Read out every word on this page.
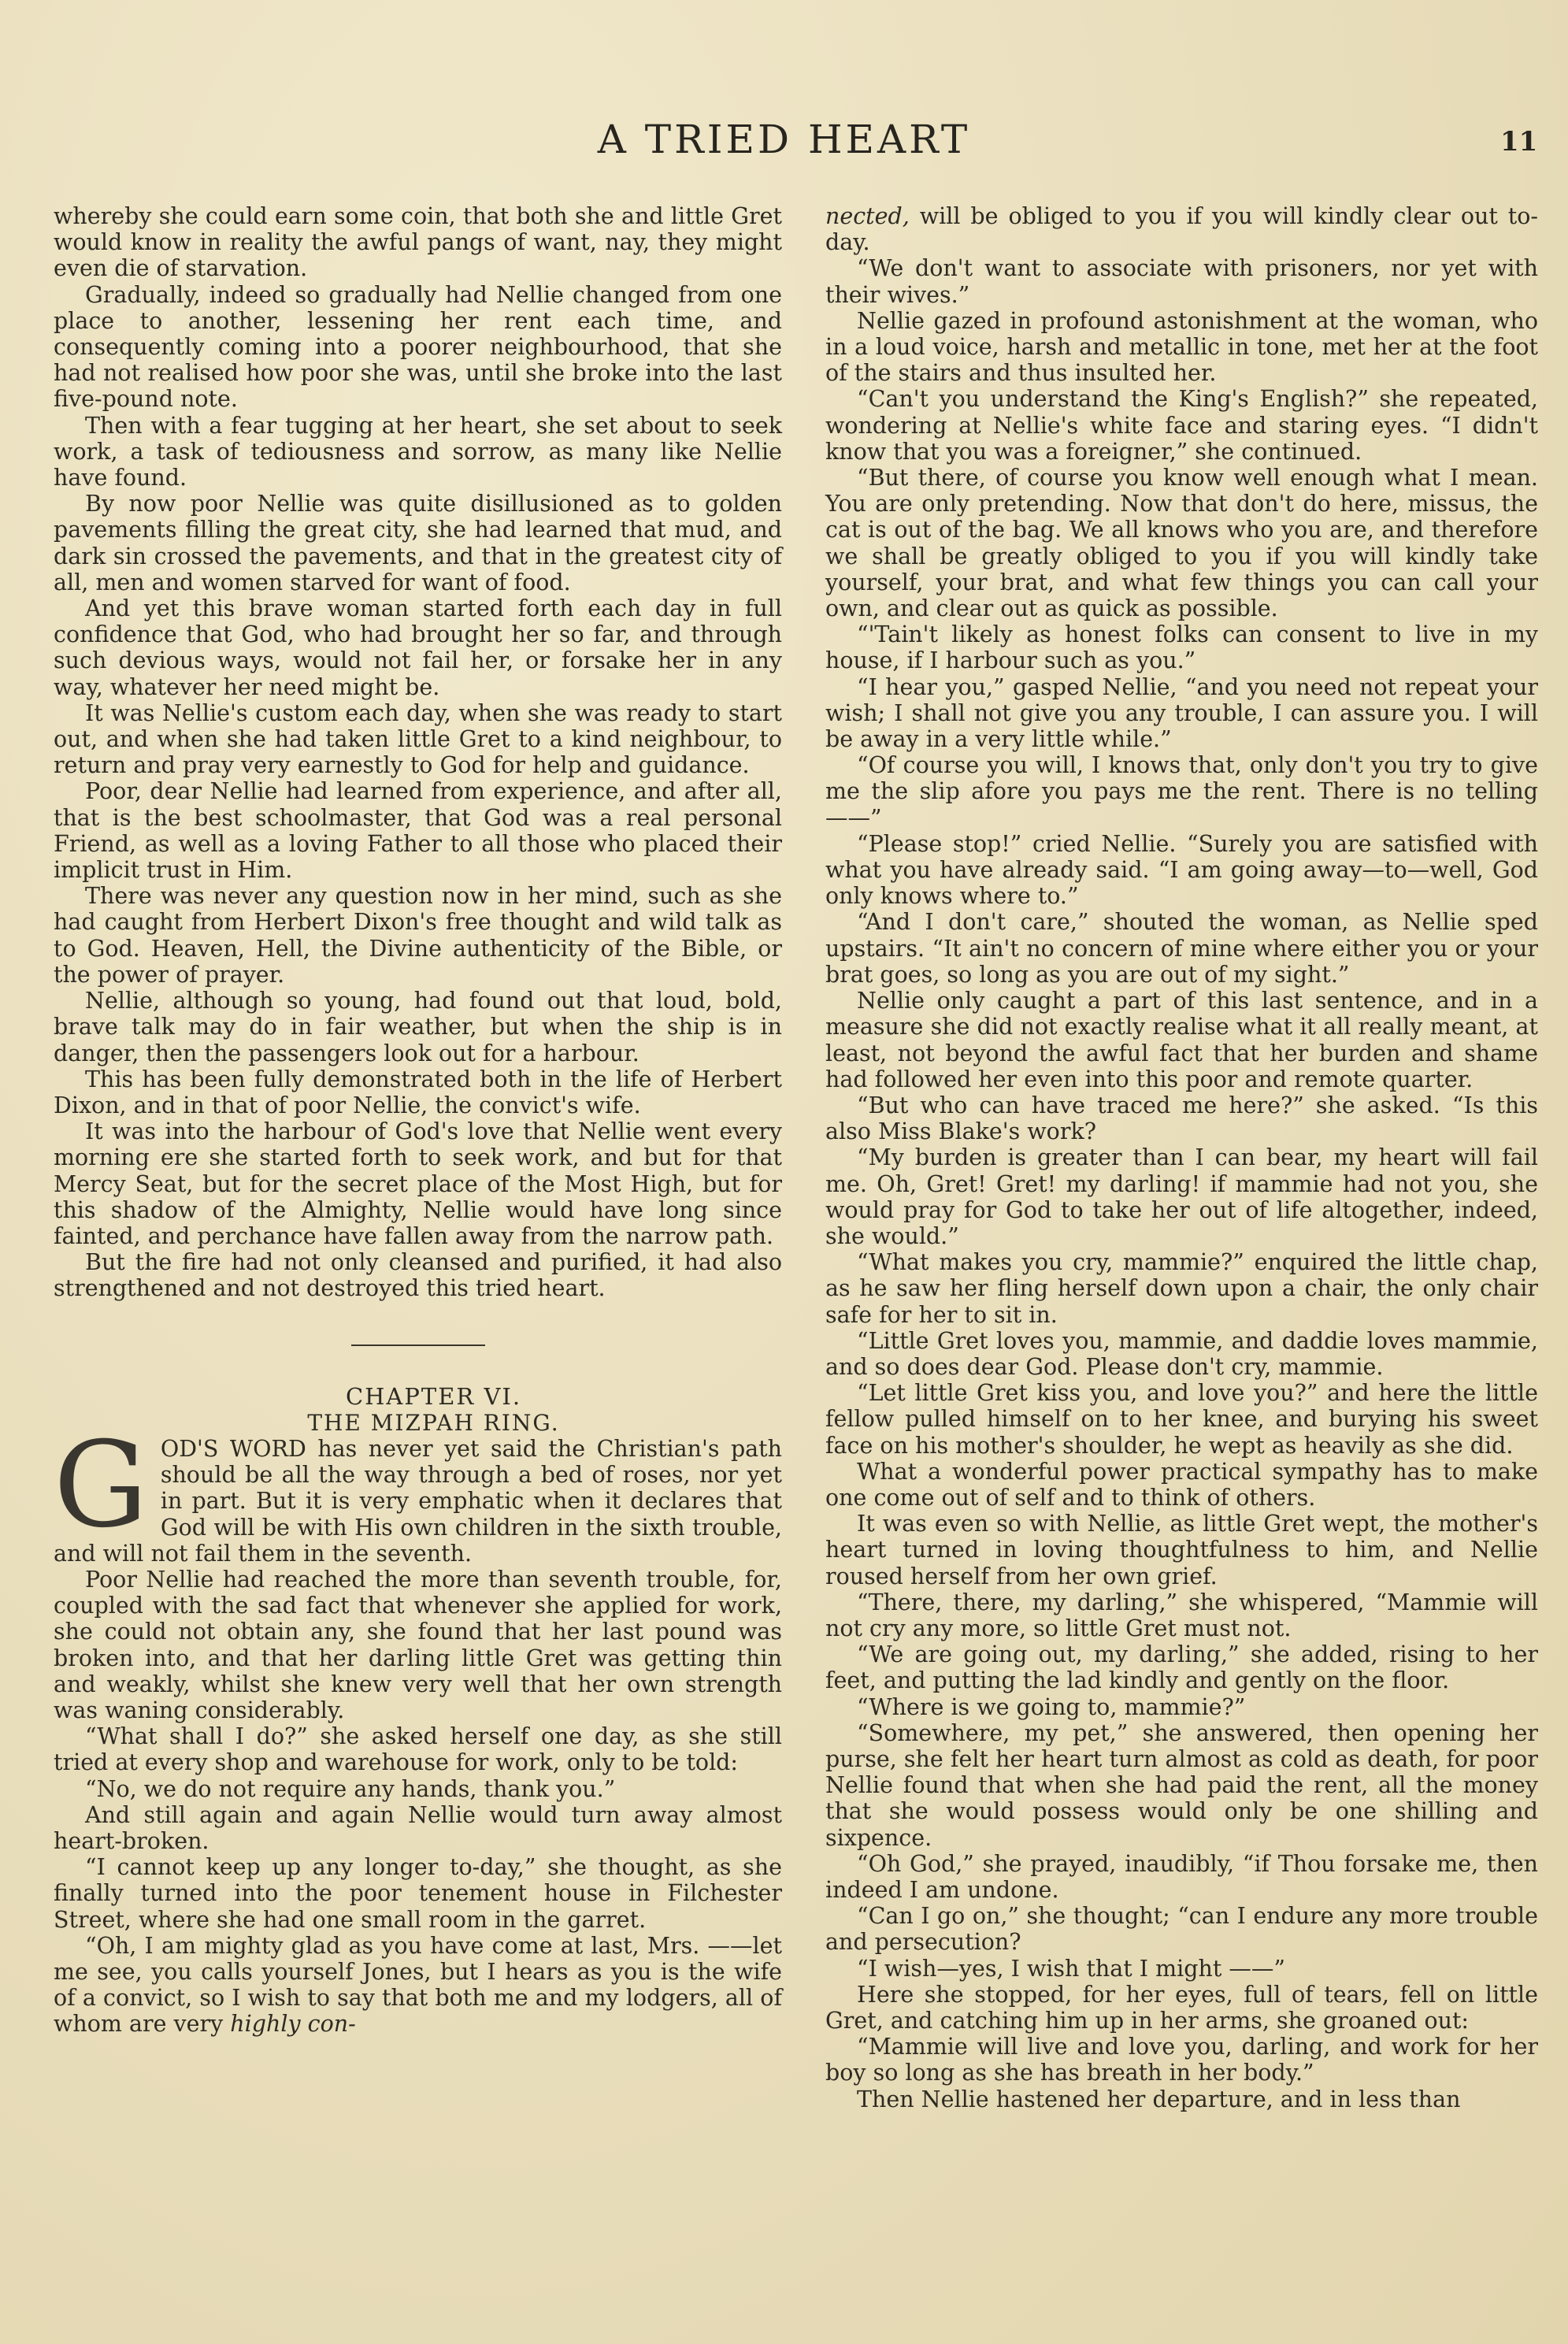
A TRIED HEART	11

whereby she could earn some coin, that both she and little Gret would know in reality the awful pangs of want, nay, they might even die of starvation.

Gradually, indeed so gradually had Nellie changed from one place to another, lessening her rent each time, and consequently coming into a poorer neighbourhood, that she had not realised how poor she was, until she broke into the last five-pound note.

Then with a fear tugging at her heart, she set about to seek work, a task of tediousness and sorrow, as many like Nellie have found.

By now poor Nellie was quite disillusioned as to golden pavements filling the great city, she had learned that mud, and dark sin crossed the pavements, and that in the greatest city of all, men and women starved for want of food.

And yet this brave woman started forth each day in full confidence that God, who had brought her so far, and through such devious ways, would not fail her, or forsake her in any way, whatever her need might be.

It was Nellie's custom each day, when she was ready to start out, and when she had taken little Gret to a kind neighbour, to return and pray very earnestly to God for help and guidance.

Poor, dear Nellie had learned from experience, and after all, that is the best schoolmaster, that God was a real personal Friend, as well as a loving Father to all those who placed their implicit trust in Him.

There was never any question now in her mind, such as she had caught from Herbert Dixon's free thought and wild talk as to God. Heaven, Hell, the Divine authenticity of the Bible, or the power of prayer.

Nellie, although so young, had found out that loud, bold, brave talk may do in fair weather, but when the ship is in danger, then the passengers look out for a harbour.

This has been fully demonstrated both in the life of Herbert Dixon, and in that of poor Nellie, the convict's wife.

It was into the harbour of God's love that Nellie went every morning ere she started forth to seek work, and but for that Mercy Seat, but for the secret place of the Most High, but for this shadow of the Almighty, Nellie would have long since fainted, and perchance have fallen away from the narrow path.

But the fire had not only cleansed and purified, it had also strengthened and not destroyed this tried heart.

CHAPTER VI.

THE MIZPAH RING.

GOD'S WORD has never yet said the Christian's path should be all the way through a bed of roses, nor yet in part. But it is very emphatic when it declares that God will be with His own children in the sixth trouble, and will not fail them in the seventh.

Poor Nellie had reached the more than seventh trouble, for, coupled with the sad fact that whenever she applied for work, she could not obtain any, she found that her last pound was broken into, and that her darling little Gret was getting thin and weakly, whilst she knew very well that her own strength was waning considerably.

“What shall I do?” she asked herself one day, as she still tried at every shop and warehouse for work, only to be told:

“No, we do not require any hands, thank you.”

And still again and again Nellie would turn away almost heart-broken.

“I cannot keep up any longer to-day,” she thought, as she finally turned into the poor tenement house in Filchester Street, where she had one small room in the garret.

“Oh, I am mighty glad as you have come at last, Mrs. ——let me see, you calls yourself Jones, but I hears as you is the wife of a convict, so I wish to say that both me and my lodgers, all of whom are very highly con-

nected, will be obliged to you if you will kindly clear out to-day.

“We don't want to associate with prisoners, nor yet with their wives.”

Nellie gazed in profound astonishment at the woman, who in a loud voice, harsh and metallic in tone, met her at the foot of the stairs and thus insulted her.

“Can't you understand the King's English?” she repeated, wondering at Nellie's white face and staring eyes. “I didn't know that you was a foreigner,” she continued.

“But there, of course you know well enough what I mean. You are only pretending. Now that don't do here, missus, the cat is out of the bag. We all knows who you are, and therefore we shall be greatly obliged to you if you will kindly take yourself, your brat, and what few things you can call your own, and clear out as quick as possible.

“'Tain't likely as honest folks can consent to live in my house, if I harbour such as you.”

“I hear you,” gasped Nellie, “and you need not repeat your wish; I shall not give you any trouble, I can assure you. I will be away in a very little while.”

“Of course you will, I knows that, only don't you try to give me the slip afore you pays me the rent. There is no telling ——”

“Please stop!” cried Nellie. “Surely you are satisfied with what you have already said. “I am going away—to—well, God only knows where to.”

“And I don't care,” shouted the woman, as Nellie sped upstairs. “It ain't no concern of mine where either you or your brat goes, so long as you are out of my sight.”

Nellie only caught a part of this last sentence, and in a measure she did not exactly realise what it all really meant, at least, not beyond the awful fact that her burden and shame had followed her even into this poor and remote quarter.

“But who can have traced me here?” she asked. “Is this also Miss Blake's work?

“My burden is greater than I can bear, my heart will fail me. Oh, Gret! Gret! my darling! if mammie had not you, she would pray for God to take her out of life altogether, indeed, she would.”

“What makes you cry, mammie?” enquired the little chap, as he saw her fling herself down upon a chair, the only chair safe for her to sit in.

“Little Gret loves you, mammie, and daddie loves mammie, and so does dear God. Please don't cry, mammie.

“Let little Gret kiss you, and love you?” and here the little fellow pulled himself on to her knee, and burying his sweet face on his mother's shoulder, he wept as heavily as she did.

What a wonderful power practical sympathy has to make one come out of self and to think of others.

It was even so with Nellie, as little Gret wept, the mother's heart turned in loving thoughtfulness to him, and Nellie roused herself from her own grief.

“There, there, my darling,” she whispered, “Mammie will not cry any more, so little Gret must not.

“We are going out, my darling,” she added, rising to her feet, and putting the lad kindly and gently on the floor.

“Where is we going to, mammie?”

“Somewhere, my pet,” she answered, then opening her purse, she felt her heart turn almost as cold as death, for poor Nellie found that when she had paid the rent, all the money that she would possess would only be one shilling and sixpence.

“Oh God,” she prayed, inaudibly, “if Thou forsake me, then indeed I am undone.

“Can I go on,” she thought; “can I endure any more trouble and persecution?

“I wish—yes, I wish that I might ——”

Here she stopped, for her eyes, full of tears, fell on little Gret, and catching him up in her arms, she groaned out:

“Mammie will live and love you, darling, and work for her boy so long as she has breath in her body.”

Then Nellie hastened her departure, and in less than
